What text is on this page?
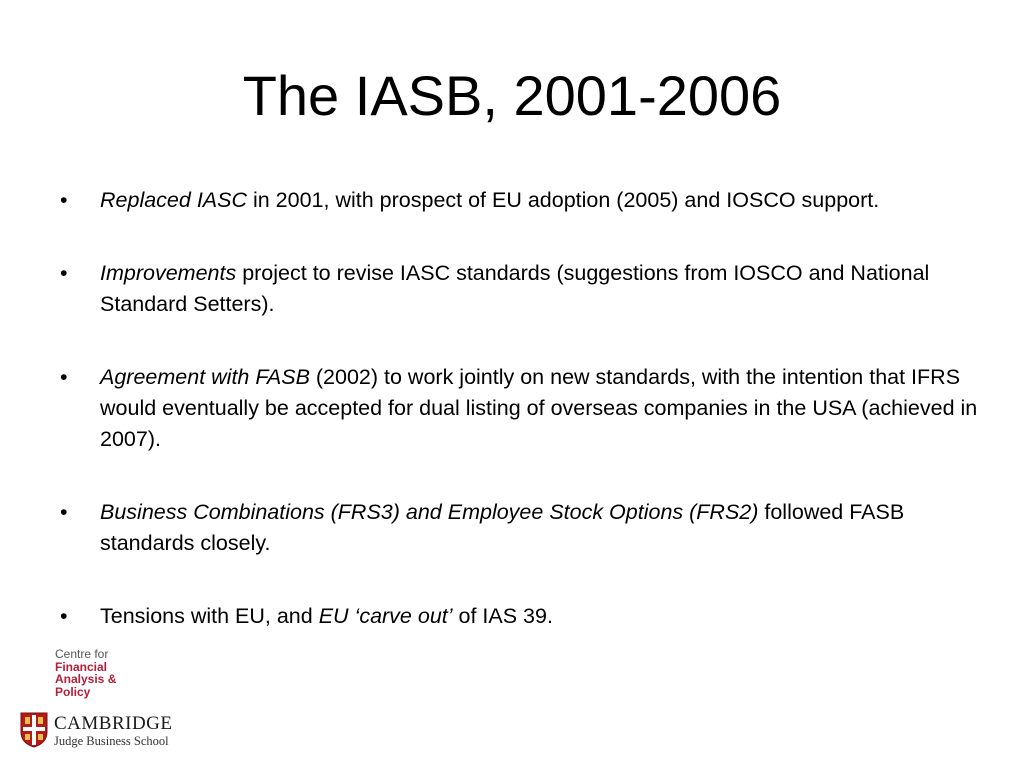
The IASB, 2001-2006
• Replaced IASC in 2001, with prospect of EU adoption (2005) and IOSCO support.
• Improvements project to revise IASC standards (suggestions from IOSCO and National Standard Setters).
• Agreement with FASB (2002) to work jointly on new standards, with the intention that IFRS would eventually be accepted for dual listing of overseas companies in the USA (achieved in 2007).
• Business Combinations (FRS3) and Employee Stock Options (FRS2) followed FASB standards closely.
• Tensions with EU, and EU ‘carve out’ of IAS 39.
Centre for
Financial
Analysis &
Policy
CAMBRIDGE
Judge Business School
